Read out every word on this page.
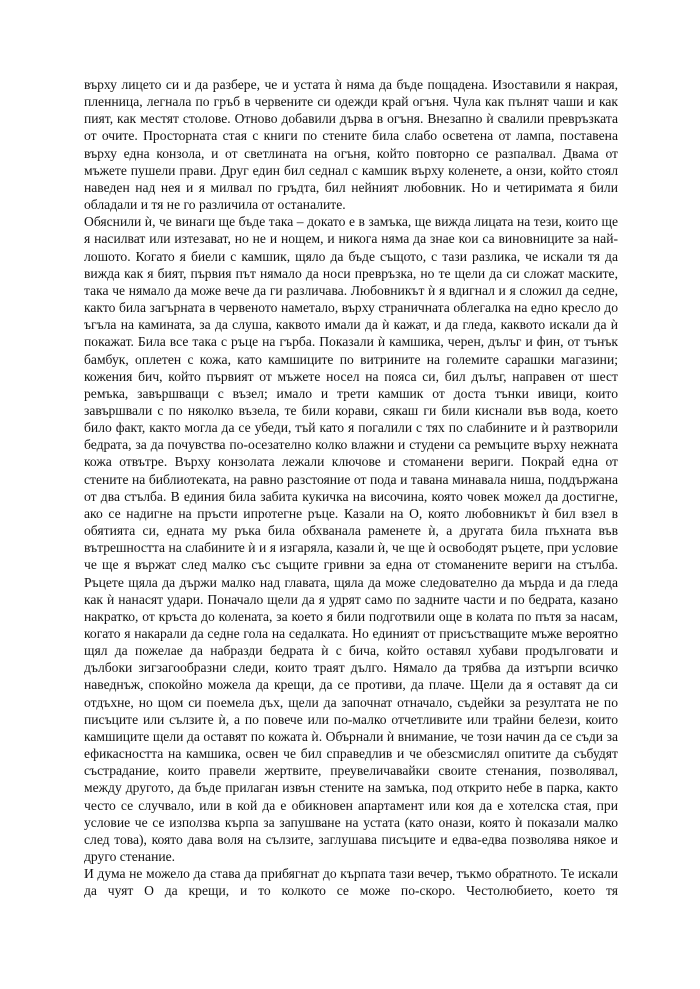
върху лицето си и да разбере, че и устата ѝ няма да бъде пощадена. Изоставили я накрая, пленница, легнала по гръб в червените си одежди край огъня. Чула как пълнят чаши и как пият, как местят столове. Отново добавили дърва в огъня. Внезапно ѝ свалили превръзката от очите. Просторната стая с книги по стените била слабо осветена от лампа, поставена върху една конзола, и от светлината на огъня, който повторно се разпалвал. Двама от мъжете пушели прави. Друг един бил седнал с камшик върху коленете, а онзи, който стоял наведен над нея и я милвал по гръдта, бил нейният любовник. Но и четиримата я били обладали и тя не го различила от останалите.

Обяснили ѝ, че винаги ще бъде така – докато е в замъка, ще вижда лицата на тези, които ще я насилват или изтезават, но не и нощем, и никога няма да знае кои са виновниците за най-лошото. Когато я биели с камшик, щяло да бъде същото, с тази разлика, че искали тя да вижда как я бият, първия път нямало да носи превръзка, но те щели да си сложат маските, така че нямало да може вече да ги различава. Любовникът ѝ я вдигнал и я сложил да седне, както била загърната в червеното наметало, върху страничната облегалка на едно кресло до ъгъла на камината, за да слуша, каквото имали да ѝ кажат, и да гледа, каквото искали да ѝ покажат. Била все така с ръце на гърба. Показали ѝ камшика, черен, дълъг и фин, от тънък бамбук, оплетен с кожа, като камшиците по витрините на големите сарашки магазини; кожения бич, който първият от мъжете носел на пояса си, бил дълъг, направен от шест ремъка, завършващи с възел; имало и трети камшик от доста тънки ивици, които завършвали с по няколко възела, те били корави, сякаш ги били киснали във вода, което било факт, както могла да се убеди, тъй като я погалили с тях по слабините и ѝ разтворили бедрата, за да почувства по-осезателно колко влажни и студени са ремъците върху нежната кожа отвътре. Върху конзолата лежали ключове и стоманени вериги. Покрай една от стените на библиотеката, на равно разстояние от пода и тавана минавала ниша, поддържана от два стълба. В единия била забита кукичка на височина, която човек можел да достигне, ако се надигне на пръсти ипротегне ръце. Казали на О, която любовникът ѝ бил взел в обятията си, едната му ръка била обхванала раменете ѝ, а другата била пъхната във вътрешността на слабините ѝ и я изгаряла, казали ѝ, че ще ѝ освободят ръцете, при условие че ще я вържат след малко със същите гривни за една от стоманените вериги на стълба. Ръцете щяла да държи малко над главата, щяла да може следователно да мърда и да гледа как ѝ нанасят удари. Поначало щели да я удрят само по задните части и по бедрата, казано накратко, от кръста до колената, за което я били подготвили още в колата по пътя за насам, когато я накарали да седне гола на седалката. Но единият от присъстващите мъже вероятно щял да пожелае да набразди бедрата ѝ с бича, който оставял хубави продълговати и дълбоки зигзагообразни следи, които траят дълго. Нямало да трябва да изтърпи всичко наведнъж, спокойно можела да крещи, да се противи, да плаче. Щели да я оставят да си отдъхне, но щом си поемела дъх, щели да започнат отначало, съдейки за резултата не по писъците или сълзите ѝ, а по повече или по-малко отчетливите или трайни белези, които камшиците щели да оставят по кожата ѝ. Обърнали ѝ внимание, че този начин да се съди за ефикасността на камшика, освен че бил справедлив и че обезсмислял опитите да събудят състрадание, които правели жертвите, преувеличавайки своите стенания, позволявал, между другото, да бъде прилаган извън стените на замъка, под открито небе в парка, както често се случвало, или в кой да е обикновен апартамент или коя да е хотелска стая, при условие че се използва кърпа за запушване на устата (като онази, която ѝ показали малко след това), която дава воля на сълзите, заглушава писъците и едва-едва позволява някое и друго стенание.

И дума не можело да става да прибягнат до кърпата тази вечер, тъкмо обратното. Те искали да чуят О да крещи, и то колкото се може по-скоро. Честолюбието, което тя
